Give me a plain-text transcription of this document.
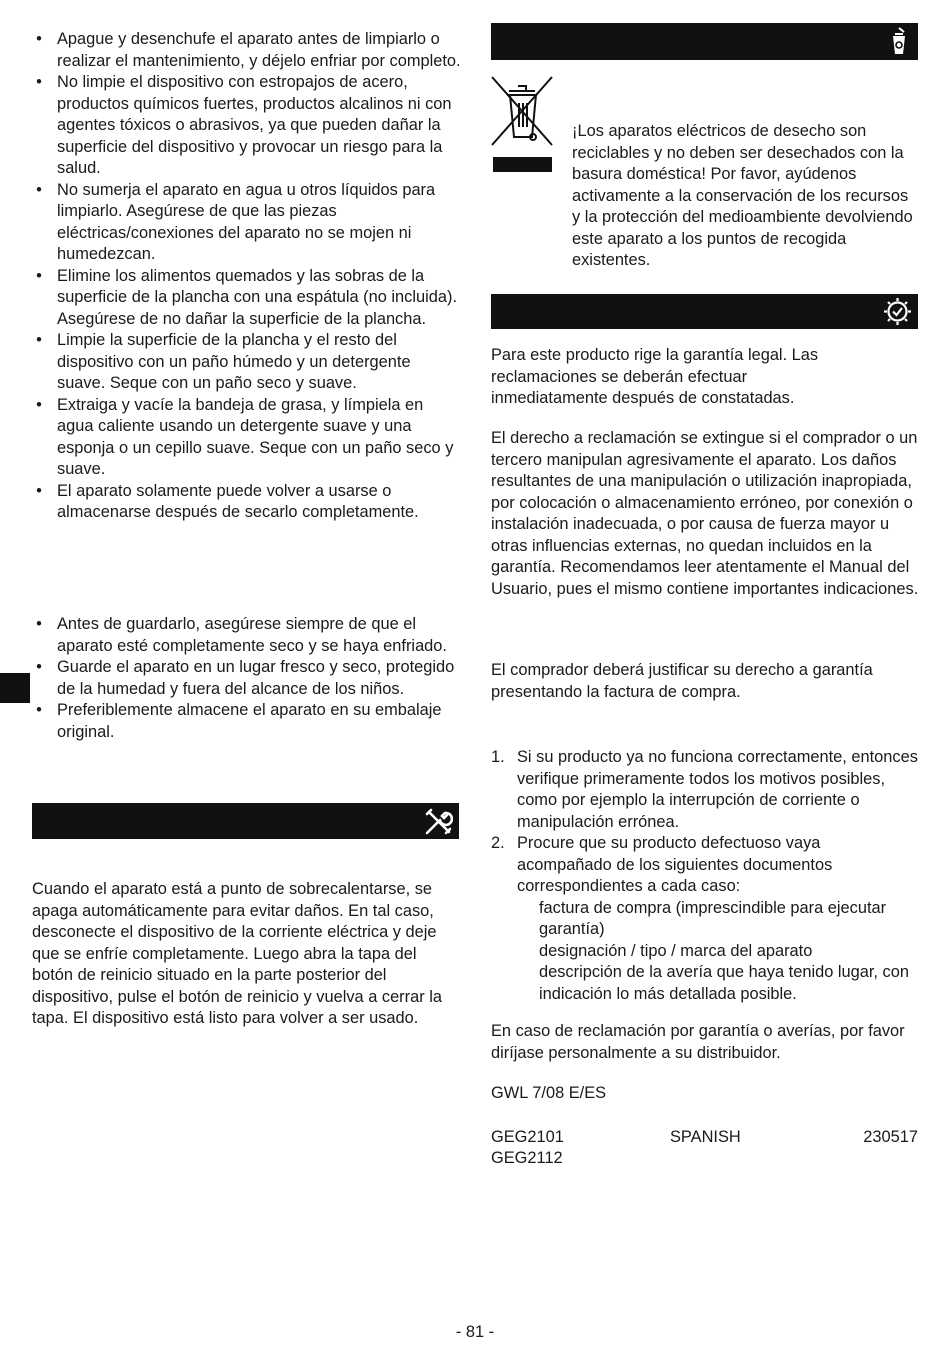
• Apague y desenchufe el aparato antes de limpiarlo o realizar el mantenimiento, y déjelo enfriar por completo.
• No limpie el dispositivo con estropajos de acero, productos químicos fuertes, productos alcalinos ni con agentes tóxicos o abrasivos, ya que pueden dañar la superficie del dispositivo y provocar un riesgo para la salud.
• No sumerja el aparato en agua u otros líquidos para limpiarlo. Asegúrese de que las piezas eléctricas/conexiones del aparato no se mojen ni humedezcan.
• Elimine los alimentos quemados y las sobras de la superficie de la plancha con una espátula (no incluida). Asegúrese de no dañar la superficie de la plancha.
• Limpie la superficie de la plancha y el resto del dispositivo con un paño húmedo y un detergente suave. Seque con un paño seco y suave.
• Extraiga y vacíe la bandeja de grasa, y límpiela en agua caliente usando un detergente suave y una esponja o un cepillo suave. Seque con un paño seco y suave.
• El aparato solamente puede volver a usarse o almacenarse después de secarlo completamente.
• Antes de guardarlo, asegúrese siempre de que el aparato esté completamente seco y se haya enfriado.
• Guarde el aparato en un lugar fresco y seco, protegido de la humedad y fuera del alcance de los niños.
• Preferiblemente almacene el aparato en su embalaje original.

Cuando el aparato está a punto de sobrecalentarse, se apaga automáticamente para evitar daños. En tal caso, desconecte el dispositivo de la corriente eléctrica y deje que se enfríe completamente. Luego abra la tapa del botón de reinicio situado en la parte posterior del dispositivo, pulse el botón de reinicio y vuelva a cerrar la tapa. El dispositivo está listo para volver a ser usado.

¡Los aparatos eléctricos de desecho son reciclables y no deben ser desechados con la basura doméstica! Por favor, ayúdenos activamente a la conservación de los recursos y la protección del medioambiente devolviendo este aparato a los puntos de recogida existentes.

Para este producto rige la garantía legal. Las reclamaciones se deberán efectuar inmediatamente después de constatadas.

El derecho a reclamación se extingue si el comprador o un tercero manipulan agresivamente el aparato. Los daños resultantes de una manipulación o utilización inapropiada, por colocación o almacenamiento erróneo, por conexión o instalación inadecuada, o por causa de fuerza mayor u otras influencias externas, no quedan incluidos en la garantía. Recomendamos leer atentamente el Manual del Usuario, pues el mismo contiene importantes indicaciones.

El comprador deberá justificar su derecho a garantía presentando la factura de compra.

1. Si su producto ya no funciona correctamente, entonces verifique primeramente todos los motivos posibles, como por ejemplo la interrupción de corriente o manipulación errónea.
2. Procure que su producto defectuoso vaya acompañado de los siguientes documentos correspondientes a cada caso:
factura de compra (imprescindible para ejecutar garantía)
designación / tipo / marca del aparato
descripción de la avería que haya tenido lugar, con indicación lo más detallada posible.

En caso de reclamación por garantía o averías, por favor diríjase personalmente a su distribuidor.

GWL 7/08 E/ES

GEG2101
GEG2112
SPANISH	230517
- 81 -
